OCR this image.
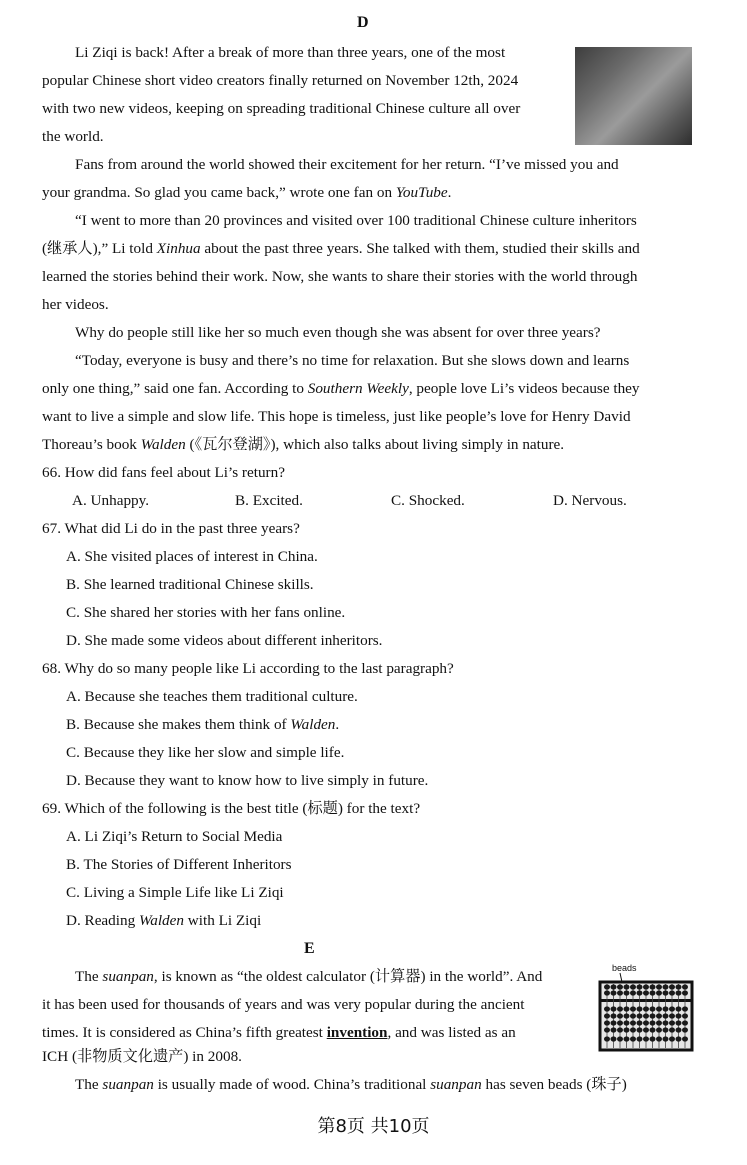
D
Li Ziqi is back! After a break of more than three years, one of the most
popular Chinese short video creators finally returned on November 12th, 2024
with two new videos, keeping on spreading traditional Chinese culture all over
the world.
Fans from around the world showed their excitement for her return. “I’ve missed you and
your grandma. So glad you came back,” wrote one fan on YouTube.
“I went to more than 20 provinces and visited over 100 traditional Chinese culture inheritors
(继承人),” Li told Xinhua about the past three years. She talked with them, studied their skills and
learned the stories behind their work. Now, she wants to share their stories with the world through
her videos.
Why do people still like her so much even though she was absent for over three years?
“Today, everyone is busy and there’s no time for relaxation. But she slows down and learns
only one thing,” said one fan. According to Southern Weekly, people love Li’s videos because they
want to live a simple and slow life. This hope is timeless, just like people’s love for Henry David
Thoreau’s book Walden (《瓦尔登湖》), which also talks about living simply in nature.
66. How did fans feel about Li’s return?
A. Unhappy.	B. Excited.	C. Shocked.	D. Nervous.
67. What did Li do in the past three years?
A. She visited places of interest in China.
B. She learned traditional Chinese skills.
C. She shared her stories with her fans online.
D. She made some videos about different inheritors.
68. Why do so many people like Li according to the last paragraph?
A. Because she teaches them traditional culture.
B. Because she makes them think of Walden.
C. Because they like her slow and simple life.
D. Because they want to know how to live simply in future.
69. Which of the following is the best title (标题) for the text?
A. Li Ziqi’s Return to Social Media
B. The Stories of Different Inheritors
C. Living a Simple Life like Li Ziqi
D. Reading Walden with Li Ziqi
E
beads
The suanpan, is known as “the oldest calculator (计算器) in the world”. And
it has been used for thousands of years and was very popular during the ancient
times. It is considered as China’s fifth greatest invention, and was listed as an
ICH (非物质文化遗产) in 2008.
The suanpan is usually made of wood. China’s traditional suanpan has seven beads (珠子)
第8页 共10页
